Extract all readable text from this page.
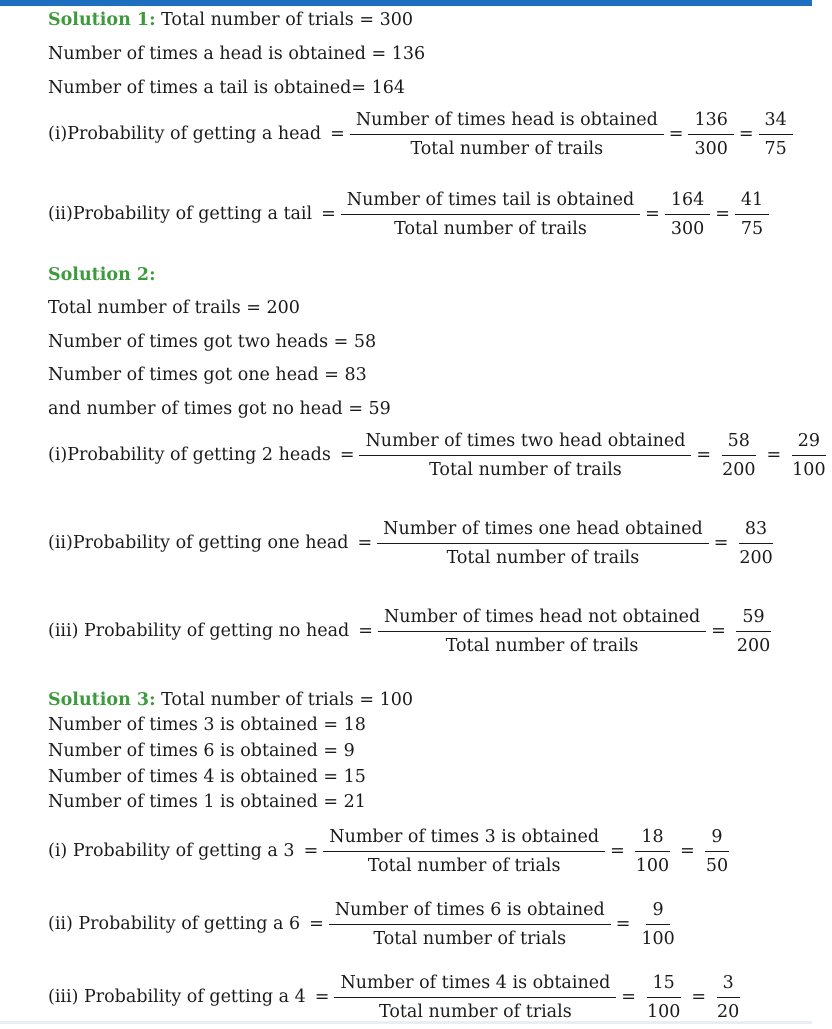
Solution 1: Total number of trials = 300
Number of times a head is obtained = 136
Number of times a tail is obtained= 164
(i)Probability of getting a head = $\frac{\text{Number of times head is obtained}}{\text{Total number of trails}} = \frac{136}{300} = \frac{34}{75}$
(ii)Probability of getting a tail = $\frac{\text{Number of times tail is obtained}}{\text{Total number of trails}} = \frac{164}{300} = \frac{41}{75}$
Solution 2:
Total number of trails = 200
Number of times got two heads = 58
Number of times got one head = 83
and number of times got no head = 59
(i)Probability of getting 2 heads = $\frac{\text{Number of times two head obtained}}{\text{Total number of trails}} = \frac{58}{200} = \frac{29}{100}$
(ii)Probability of getting one head = $\frac{\text{Number of times one head obtained}}{\text{Total number of trails}} = \frac{83}{200}$
(iii) Probability of getting no head = $\frac{\text{Number of times head not obtained}}{\text{Total number of trails}} = \frac{59}{200}$
Solution 3: Total number of trials = 100
Number of times 3 is obtained = 18
Number of times 6 is obtained = 9
Number of times 4 is obtained = 15
Number of times 1 is obtained = 21
(i) Probability of getting a $3 = \frac{\text{Number of times 3 is obtained}}{\text{Total number of trials}} = \frac{18}{100} = \frac{9}{50}$
(ii) Probability of getting a $6 = \frac{\text{Number of times 6 is obtained}}{\text{Total number of trials}} = \frac{9}{100}$
(iii) Probability of getting a $4 = \frac{\text{Number of times 4 is obtained}}{\text{Total number of trials}} = \frac{15}{100} = \frac{3}{20}$
